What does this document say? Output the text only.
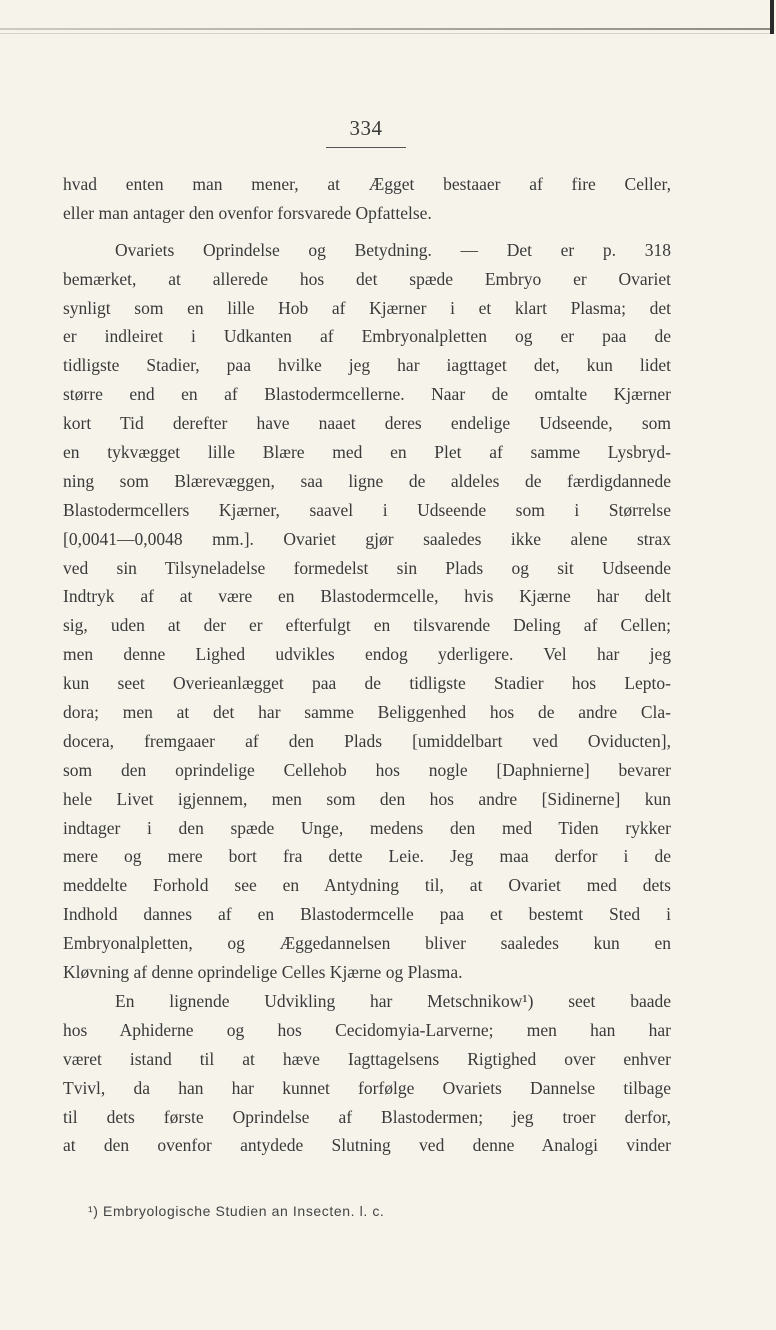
334
hvad enten man mener, at Ægget bestaaer af fire Celler,
eller man antager den ovenfor forsvarede Opfattelse.
Ovariets Oprindelse og Betydning. — Det er p. 318
bemærket, at allerede hos det spæde Embryo er Ovariet
synligt som en lille Hob af Kjærner i et klart Plasma; det
er indleiret i Udkanten af Embryonalpletten og er paa de
tidligste Stadier, paa hvilke jeg har iagttaget det, kun lidet
større end en af Blastodermcellerne. Naar de omtalte Kjærner
kort Tid derefter have naaet deres endelige Udseende, som
en tykvægget lille Blære med en Plet af samme Lysbryd-
ning som Blærevæggen, saa ligne de aldeles de færdigdannede
Blastodermcellers Kjærner, saavel i Udseende som i Størrelse
[0,0041—0,0048 mm.]. Ovariet gjør saaledes ikke alene strax
ved sin Tilsyneladelse formedelst sin Plads og sit Udseende
Indtryk af at være en Blastodermcelle, hvis Kjærne har delt
sig, uden at der er efterfulgt en tilsvarende Deling af Cellen;
men denne Lighed udvikles endog yderligere. Vel har jeg
kun seet Overieanlægget paa de tidligste Stadier hos Lepto-
dora; men at det har samme Beliggenhed hos de andre Cla-
docera, fremgaaer af den Plads [umiddelbart ved Oviducten],
som den oprindelige Cellehob hos nogle [Daphnierne] bevarer
hele Livet igjennem, men som den hos andre [Sidinerne] kun
indtager i den spæde Unge, medens den med Tiden rykker
mere og mere bort fra dette Leie. Jeg maa derfor i de
meddelte Forhold see en Antydning til, at Ovariet med dets
Indhold dannes af en Blastodermcelle paa et bestemt Sted i
Embryonalpletten, og Æggedannelsen bliver saaledes kun en
Kløvning af denne oprindelige Celles Kjærne og Plasma.
En lignende Udvikling har Metschnikow¹) seet baade
hos Aphiderne og hos Cecidomyia-Larverne; men han har
været istand til at hæve Iagttagelsens Rigtighed over enhver
Tvivl, da han har kunnet forfølge Ovariets Dannelse tilbage
til dets første Oprindelse af Blastodermen; jeg troer derfor,
at den ovenfor antydede Slutning ved denne Analogi vinder
¹) Embryologische Studien an Insecten. l. c.
